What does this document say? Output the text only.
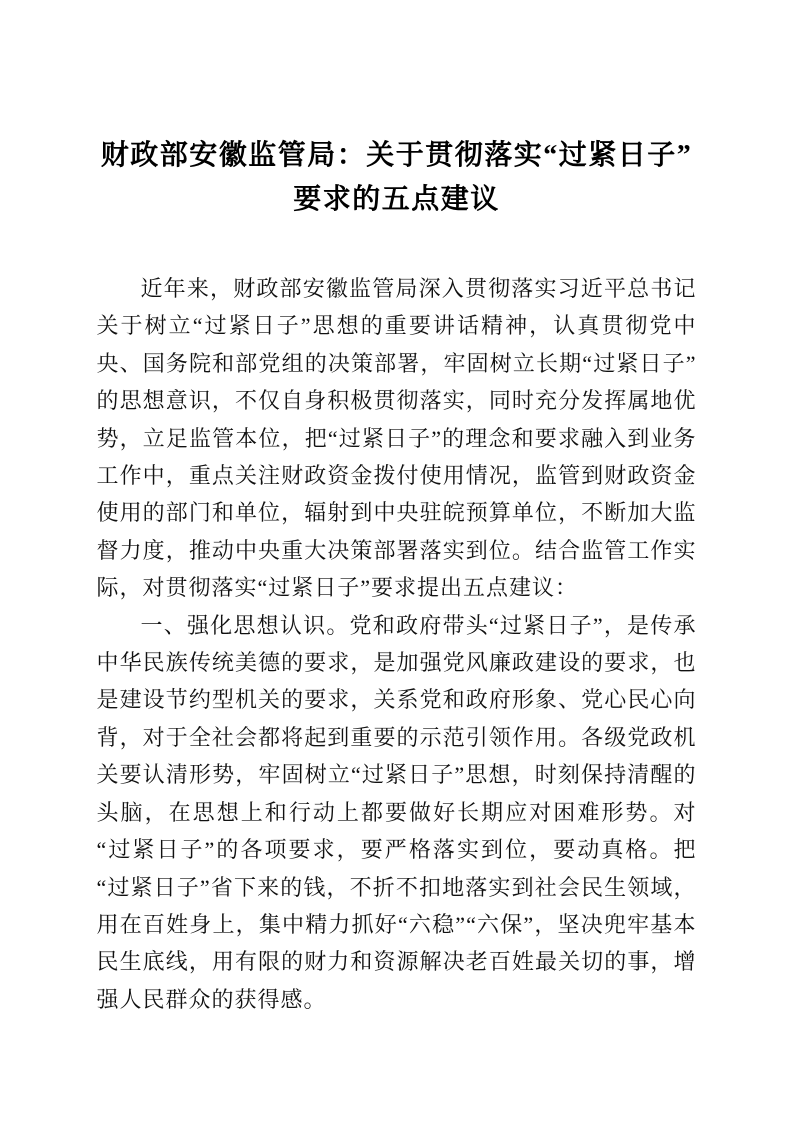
财政部安徽监管局：关于贯彻落实“过紧日子”要求的五点建议

近年来，财政部安徽监管局深入贯彻落实习近平总书记关于树立“过紧日子”思想的重要讲话精神，认真贯彻党中央、国务院和部党组的决策部署，牢固树立长期“过紧日子”的思想意识，不仅自身积极贯彻落实，同时充分发挥属地优势，立足监管本位，把“过紧日子”的理念和要求融入到业务工作中，重点关注财政资金拨付使用情况，监管到财政资金使用的部门和单位，辐射到中央驻皖预算单位，不断加大监督力度，推动中央重大决策部署落实到位。结合监管工作实际，对贯彻落实“过紧日子”要求提出五点建议：

一、强化思想认识。党和政府带头“过紧日子”，是传承中华民族传统美德的要求，是加强党风廉政建设的要求，也是建设节约型机关的要求，关系党和政府形象、党心民心向背，对于全社会都将起到重要的示范引领作用。各级党政机关要认清形势，牢固树立“过紧日子”思想，时刻保持清醒的头脑，在思想上和行动上都要做好长期应对困难形势。对“过紧日子”的各项要求，要严格落实到位，要动真格。把“过紧日子”省下来的钱，不折不扣地落实到社会民生领域，用在百姓身上，集中精力抓好“六稳”“六保”，坚决兜牢基本民生底线，用有限的财力和资源解决老百姓最关切的事，增强人民群众的获得感。
